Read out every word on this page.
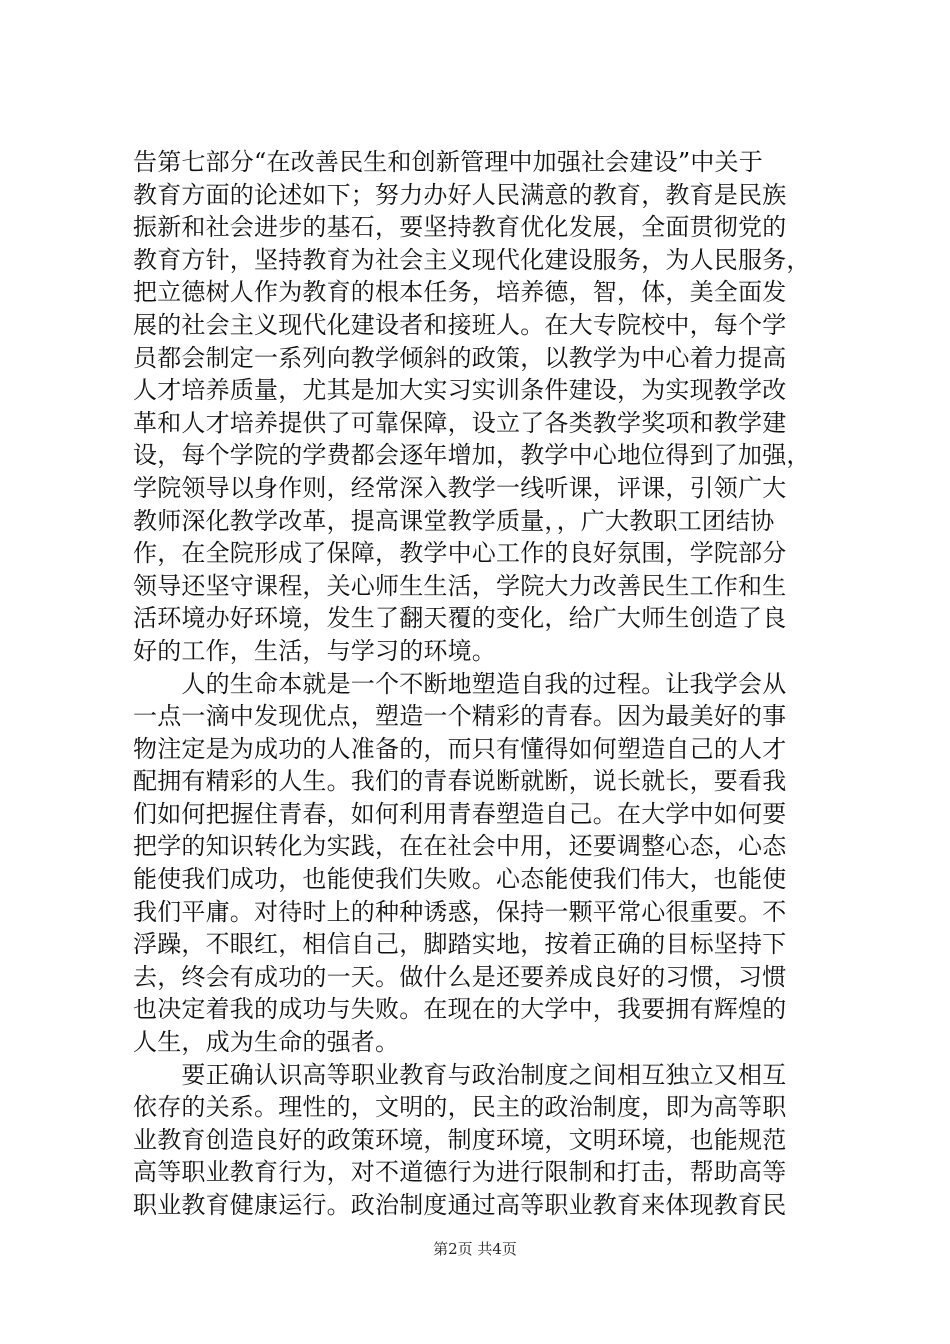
告第七部分“在改善民生和创新管理中加强社会建设”中关于
教育方面的论述如下；努力办好人民满意的教育，教育是民族
振新和社会进步的基石，要坚持教育优化发展，全面贯彻党的
教育方针，坚持教育为社会主义现代化建设服务，为人民服务，
把立德树人作为教育的根本任务，培养德，智，体，美全面发
展的社会主义现代化建设者和接班人。在大专院校中，每个学
员都会制定一系列向教学倾斜的政策，以教学为中心着力提高
人才培养质量，尤其是加大实习实训条件建设，为实现教学改
革和人才培养提供了可靠保障，设立了各类教学奖项和教学建
设，每个学院的学费都会逐年增加，教学中心地位得到了加强，
学院领导以身作则，经常深入教学一线听课，评课，引领广大
教师深化教学改革，提高课堂教学质量，，广大教职工团结协
作，在全院形成了保障，教学中心工作的良好氛围，学院部分
领导还坚守课程，关心师生生活，学院大力改善民生工作和生
活环境办好环境，发生了翻天覆的变化，给广大师生创造了良
好的工作，生活，与学习的环境。
　　人的生命本就是一个不断地塑造自我的过程。让我学会从
一点一滴中发现优点，塑造一个精彩的青春。因为最美好的事
物注定是为成功的人准备的，而只有懂得如何塑造自己的人才
配拥有精彩的人生。我们的青春说断就断，说长就长，要看我
们如何把握住青春，如何利用青春塑造自己。在大学中如何要
把学的知识转化为实践，在在社会中用，还要调整心态，心态
能使我们成功，也能使我们失败。心态能使我们伟大，也能使
我们平庸。对待时上的种种诱惑，保持一颗平常心很重要。不
浮躁，不眼红，相信自己，脚踏实地，按着正确的目标坚持下
去，终会有成功的一天。做什么是还要养成良好的习惯，习惯
也决定着我的成功与失败。在现在的大学中，我要拥有辉煌的
人生，成为生命的强者。
　　要正确认识高等职业教育与政治制度之间相互独立又相互
依存的关系。理性的，文明的，民主的政治制度，即为高等职
业教育创造良好的政策环境，制度环境，文明环境，也能规范
高等职业教育行为，对不道德行为进行限制和打击，帮助高等
职业教育健康运行。政治制度通过高等职业教育来体现教育民
第2页 共4页
